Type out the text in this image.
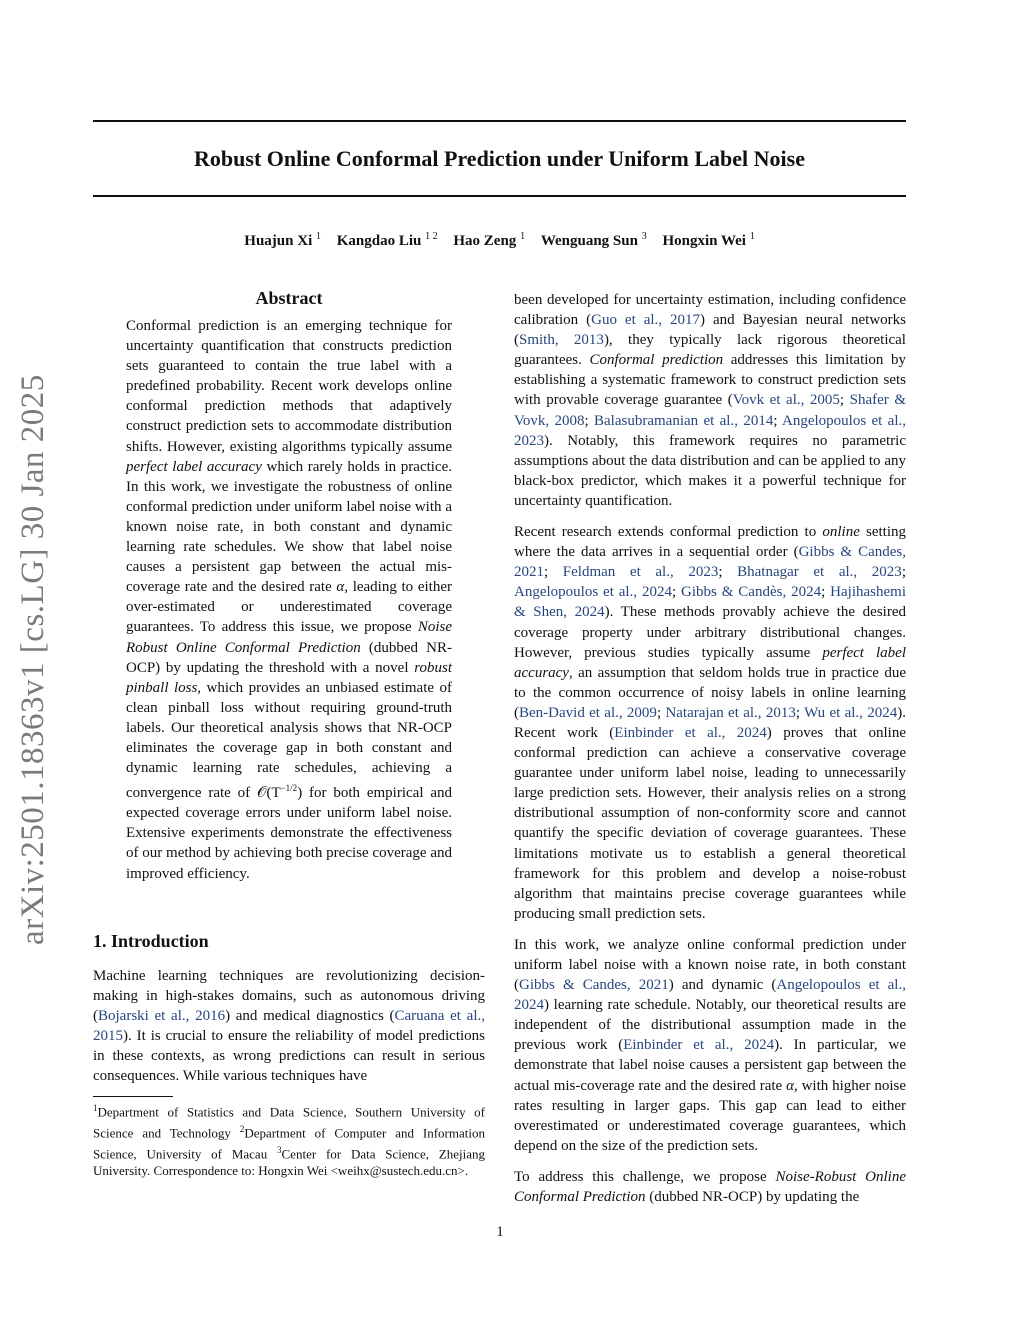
Robust Online Conformal Prediction under Uniform Label Noise
Huajun Xi $^1$ Kangdao Liu $^{1 2}$ Hao Zeng $^1$ Wenguang Sun $^3$ Hongxin Wei $^1$
arXiv:2501.18363v1 [cs.LG] 30 Jan 2025
Abstract

Conformal prediction is an emerging technique for uncertainty quantification that constructs prediction sets guaranteed to contain the true label with a predefined probability. Recent work develops online conformal prediction methods that adaptively construct prediction sets to accommodate distribution shifts. However, existing algorithms typically assume perfect label accuracy which rarely holds in practice. In this work, we investigate the robustness of online conformal prediction under uniform label noise with a known noise rate, in both constant and dynamic learning rate schedules. We show that label noise causes a persistent gap between the actual mis-coverage rate and the desired rate α, leading to either over-estimated or underestimated coverage guarantees. To address this issue, we propose Noise Robust Online Conformal Prediction (dubbed NR-OCP) by updating the threshold with a novel robust pinball loss, which provides an unbiased estimate of clean pinball loss without requiring ground-truth labels. Our theoretical analysis shows that NR-OCP eliminates the coverage gap in both constant and dynamic learning rate schedules, achieving a convergence rate of $𝒪(T^{-1/2})$ for both empirical and expected coverage errors under uniform label noise. Extensive experiments demonstrate the effectiveness of our method by achieving both precise coverage and improved efficiency.

1. Introduction

Machine learning techniques are revolutionizing decision-making in high-stakes domains, such as autonomous driving (Bojarski et al., 2016) and medical diagnostics (Caruana et al., 2015). It is crucial to ensure the reliability of model predictions in these contexts, as wrong predictions can result in serious consequences. While various techniques have

$^1$Department of Statistics and Data Science, Southern University of Science and Technology $^2$Department of Computer and Information Science, University of Macau $^3$Center for Data Science, Zhejiang University. Correspondence to: Hongxin Wei <weihx@sustech.edu.cn>.

been developed for uncertainty estimation, including confidence calibration (Guo et al., 2017) and Bayesian neural networks (Smith, 2013), they typically lack rigorous theoretical guarantees. Conformal prediction addresses this limitation by establishing a systematic framework to construct prediction sets with provable coverage guarantee (Vovk et al., 2005; Shafer & Vovk, 2008; Balasubramanian et al., 2014; Angelopoulos et al., 2023). Notably, this framework requires no parametric assumptions about the data distribution and can be applied to any black-box predictor, which makes it a powerful technique for uncertainty quantification.

Recent research extends conformal prediction to online setting where the data arrives in a sequential order (Gibbs & Candes, 2021; Feldman et al., 2023; Bhatnagar et al., 2023; Angelopoulos et al., 2024; Gibbs & Candès, 2024; Hajihashemi & Shen, 2024). These methods provably achieve the desired coverage property under arbitrary distributional changes. However, previous studies typically assume perfect label accuracy, an assumption that seldom holds true in practice due to the common occurrence of noisy labels in online learning (Ben-David et al., 2009; Natarajan et al., 2013; Wu et al., 2024). Recent work (Einbinder et al., 2024) proves that online conformal prediction can achieve a conservative coverage guarantee under uniform label noise, leading to unnecessarily large prediction sets. However, their analysis relies on a strong distributional assumption of non-conformity score and cannot quantify the specific deviation of coverage guarantees. These limitations motivate us to establish a general theoretical framework for this problem and develop a noise-robust algorithm that maintains precise coverage guarantees while producing small prediction sets.

In this work, we analyze online conformal prediction under uniform label noise with a known noise rate, in both constant (Gibbs & Candes, 2021) and dynamic (Angelopoulos et al., 2024) learning rate schedule. Notably, our theoretical results are independent of the distributional assumption made in the previous work (Einbinder et al., 2024). In particular, we demonstrate that label noise causes a persistent gap between the actual mis-coverage rate and the desired rate α, with higher noise rates resulting in larger gaps. This gap can lead to either overestimated or underestimated coverage guarantees, which depend on the size of the prediction sets.

To address this challenge, we propose Noise-Robust Online Conformal Prediction (dubbed NR-OCP) by updating the

1
